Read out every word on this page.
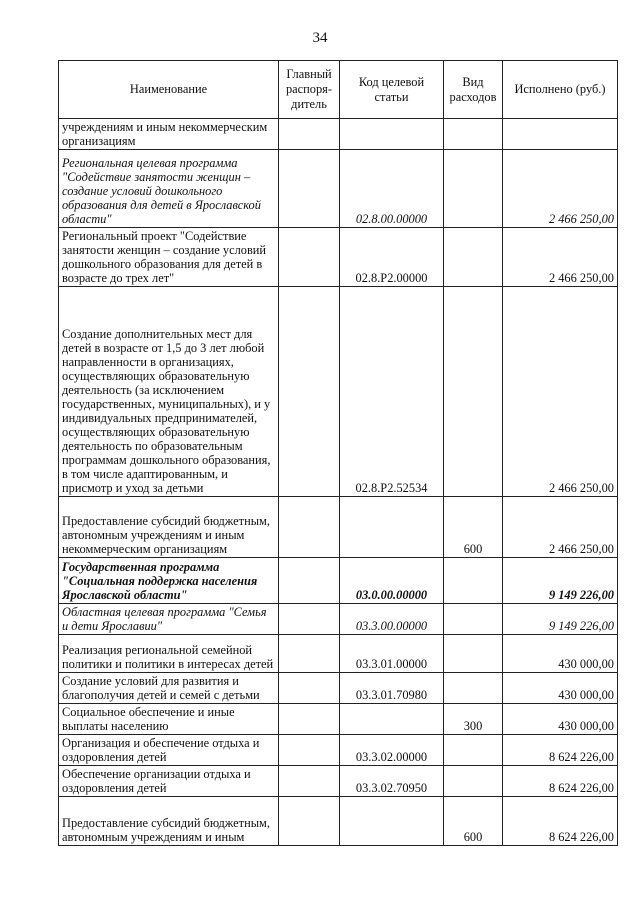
34
Наименование	Главный распоря-дитель	Код целевой статьи	Вид расходов	Исполнено (руб.)
учреждениям и иным некоммерческим организациям				
Региональная целевая программа "Содействие занятости женщин – создание условий дошкольного образования для детей в Ярославской области"		02.8.00.00000		2 466 250,00
Региональный проект "Содействие занятости женщин – создание условий дошкольного образования для детей в возрасте до трех лет"		02.8.P2.00000		2 466 250,00
Создание дополнительных мест для детей в возрасте от 1,5 до 3 лет любой направленности в организациях, осуществляющих образовательную деятельность (за исключением государственных, муниципальных), и у индивидуальных предпринимателей, осуществляющих образовательную деятельность по образовательным программам дошкольного образования, в том числе адаптированным, и присмотр и уход за детьми		02.8.P2.52534		2 466 250,00
Предоставление субсидий бюджетным, автономным учреждениям и иным некоммерческим организациям			600	2 466 250,00
Государственная программа "Социальная поддержка населения Ярославской области"		03.0.00.00000		9 149 226,00
Областная целевая программа "Семья и дети Ярославии"		03.3.00.00000		9 149 226,00
Реализация региональной семейной политики и политики в интересах детей		03.3.01.00000		430 000,00
Создание условий для развития и благополучия детей и семей с детьми		03.3.01.70980		430 000,00
Социальное обеспечение и иные выплаты населению			300	430 000,00
Организация и обеспечение отдыха и оздоровления детей		03.3.02.00000		8 624 226,00
Обеспечение организации отдыха и оздоровления детей		03.3.02.70950		8 624 226,00
Предоставление субсидий бюджетным, автономным учреждениям и иным			600	8 624 226,00
